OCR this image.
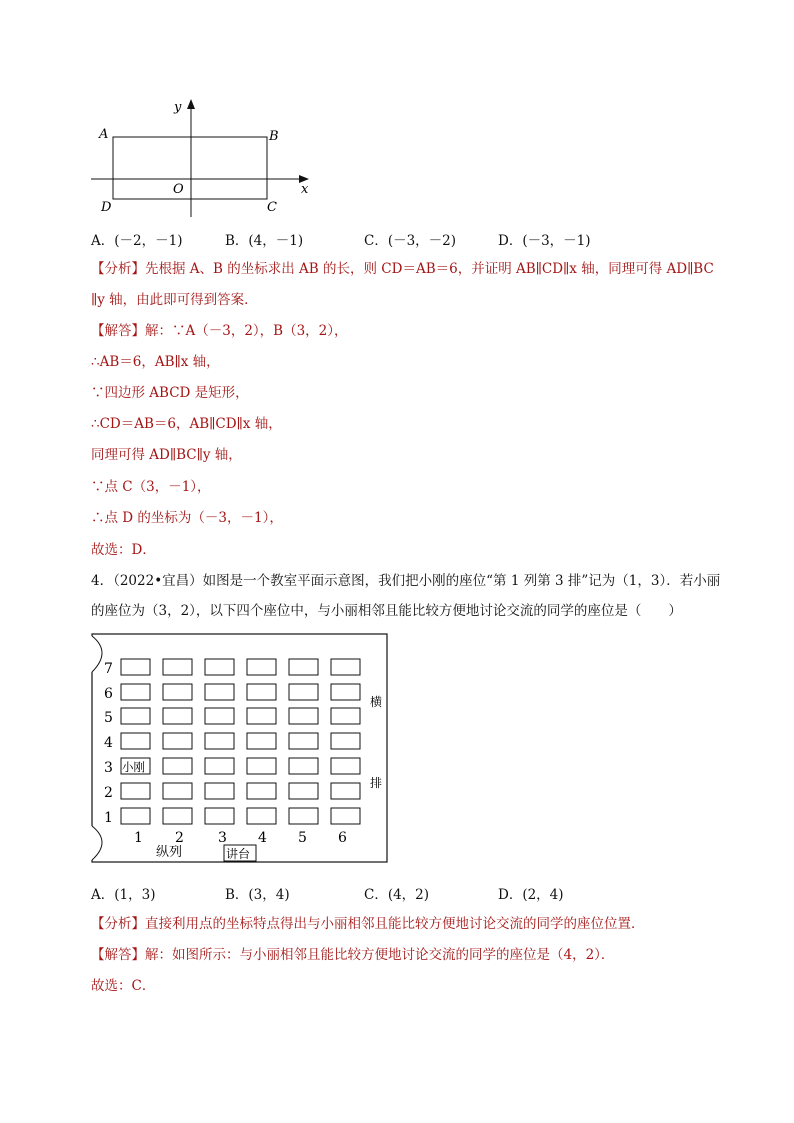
y
x
O
A	B
C
D
A．(－2，－1)	B．(4，－1)	C．(－3，－2)	D．(－3，－1)
【分析】先根据 A、B 的坐标求出 AB 的长，则 CD＝AB＝6，并证明 AB∥CD∥x 轴，同理可得 AD∥BC
∥y 轴，由此即可得到答案．
【解答】解：∵A（－3，2），B（3，2），
∴AB＝6，AB∥x 轴，
∵四边形 ABCD 是矩形，
∴CD＝AB＝6，AB∥CD∥x 轴，
同理可得 AD∥BC∥y 轴，
∵点 C（3，－1），
∴点 D 的坐标为（－3，－1），
故选：D．
4．（2022•宜昌）如图是一个教室平面示意图，我们把小刚的座位“第 1 列第 3 排”记为（1，3）．若小丽
的座位为（3，2），以下四个座位中，与小丽相邻且能比较方便地讨论交流的同学的座位是（　　）
7
6
5
4
3
2
1
小刚
1 2 3 4 5 6
纵列	讲台
横
排
A．(1，3)	B．(3，4)	C．(4，2)	D．(2，4)
【分析】直接利用点的坐标特点得出与小丽相邻且能比较方便地讨论交流的同学的座位位置．
【解答】解：如图所示：与小丽相邻且能比较方便地讨论交流的同学的座位是（4，2）．
故选：C．
